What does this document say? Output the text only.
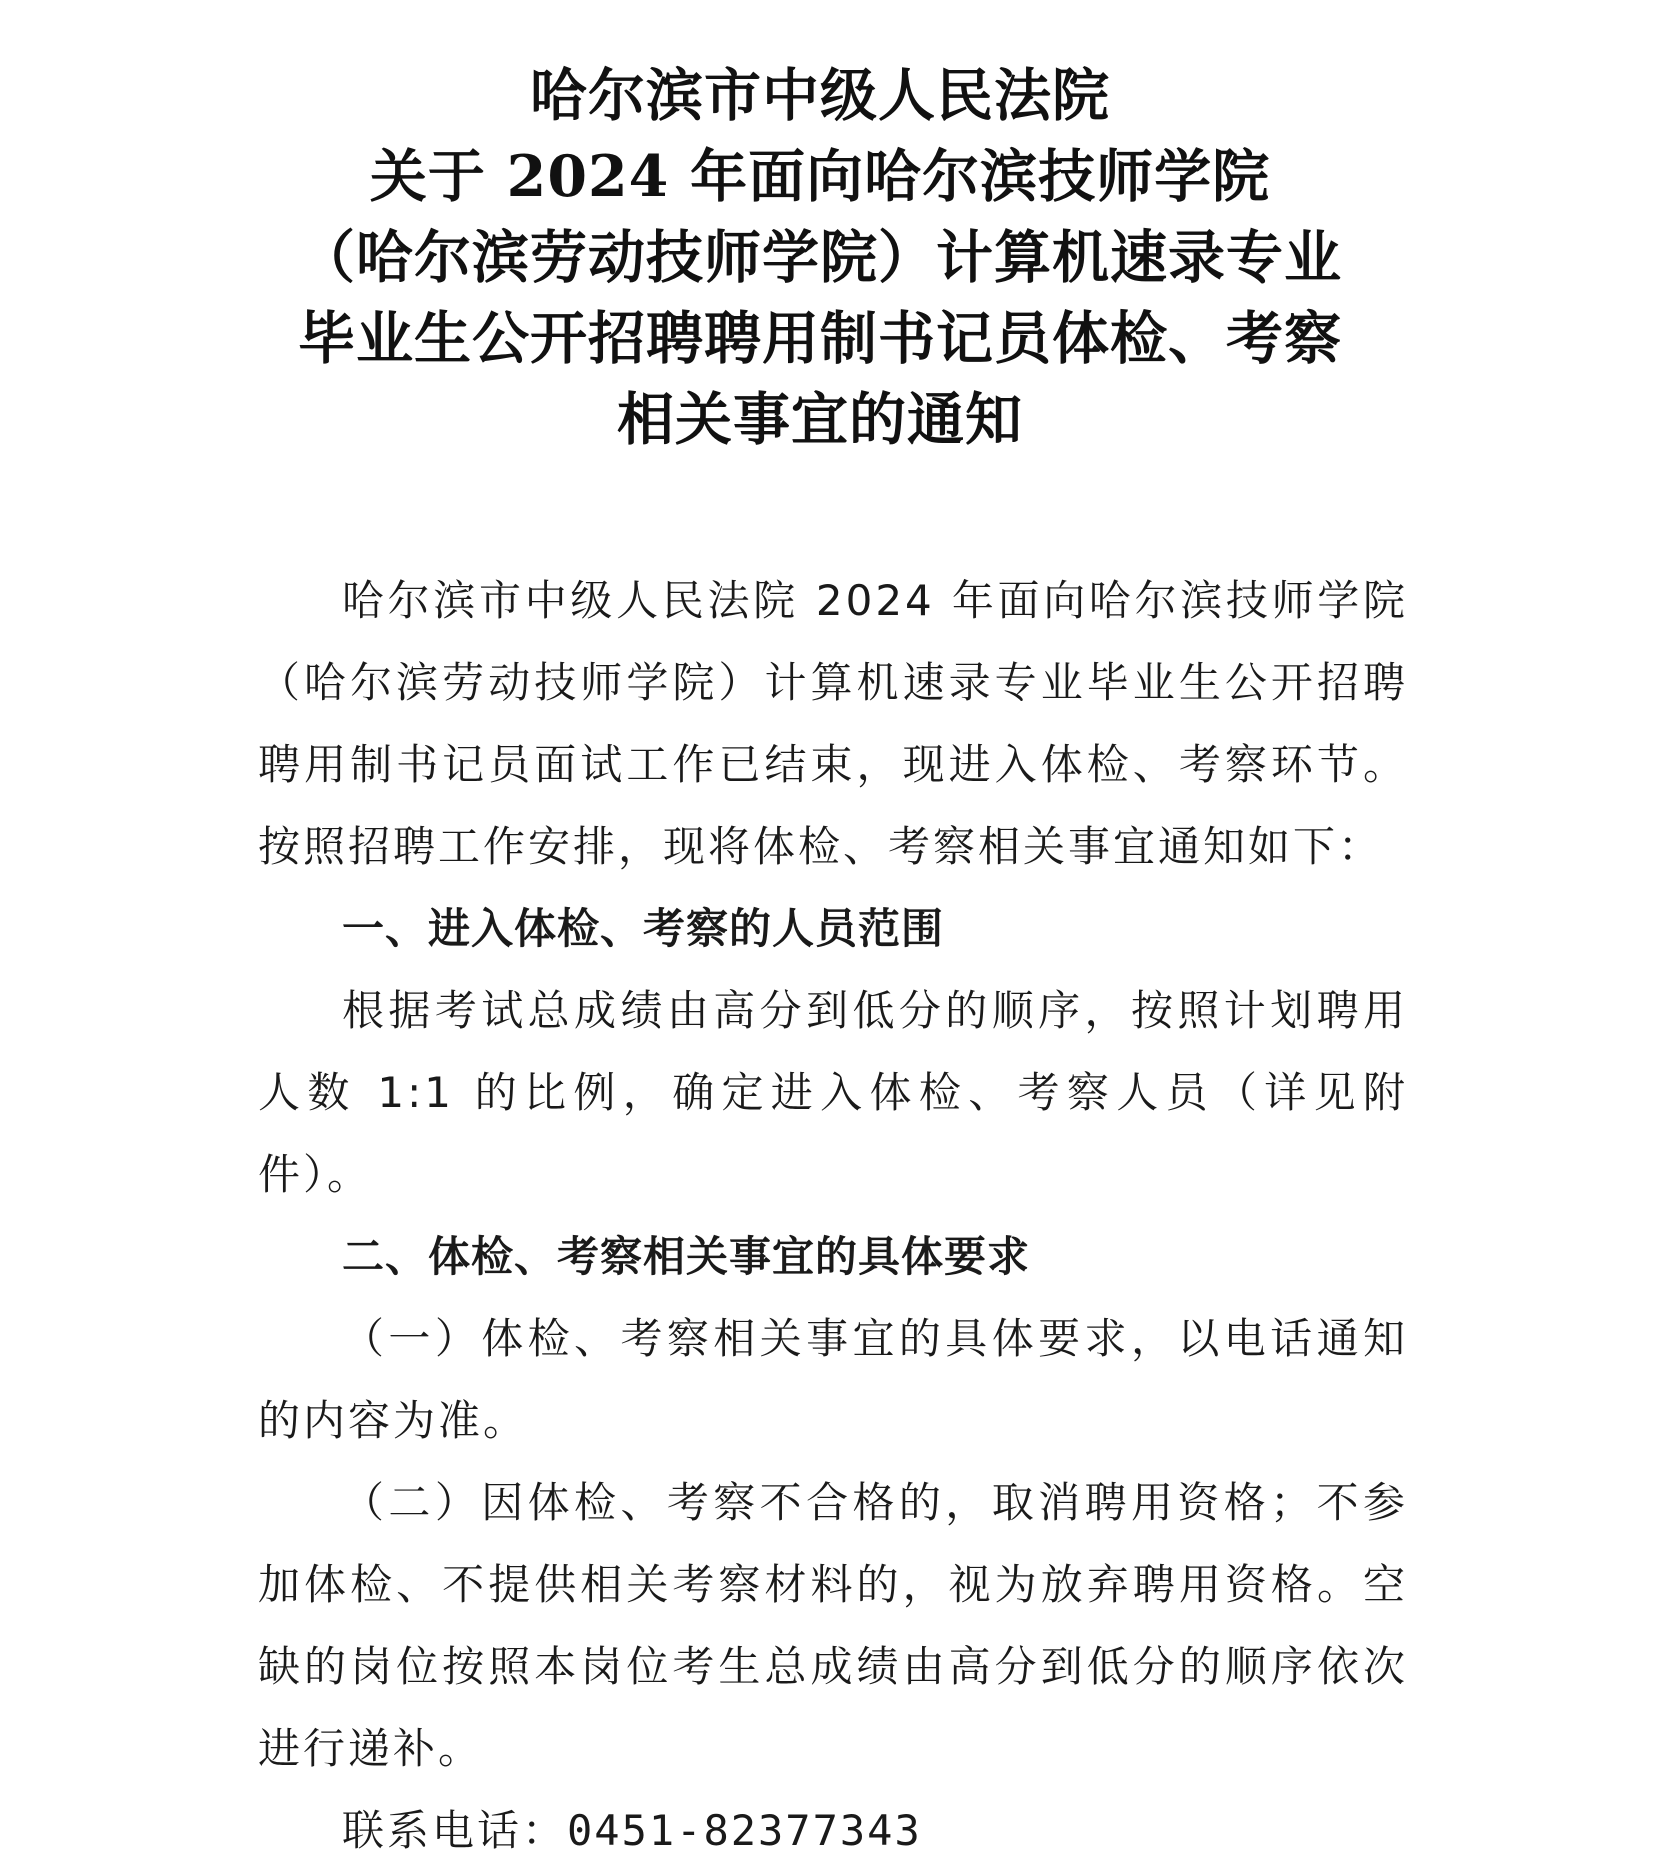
哈尔滨市中级人民法院
关于 2024 年面向哈尔滨技师学院
（哈尔滨劳动技师学院）计算机速录专业
毕业生公开招聘聘用制书记员体检、考察
相关事宜的通知

哈尔滨市中级人民法院 2024 年面向哈尔滨技师学院（哈尔滨劳动技师学院）计算机速录专业毕业生公开招聘聘用制书记员面试工作已结束，现进入体检、考察环节。按照招聘工作安排，现将体检、考察相关事宜通知如下：

一、进入体检、考察的人员范围

根据考试总成绩由高分到低分的顺序，按照计划聘用人数 1:1 的比例，确定进入体检、考察人员（详见附件）。

二、体检、考察相关事宜的具体要求

（一）体检、考察相关事宜的具体要求，以电话通知的内容为准。

（二）因体检、考察不合格的，取消聘用资格；不参加体检、不提供相关考察材料的，视为放弃聘用资格。空缺的岗位按照本岗位考生总成绩由高分到低分的顺序依次进行递补。

联系电话：0451-82377343
